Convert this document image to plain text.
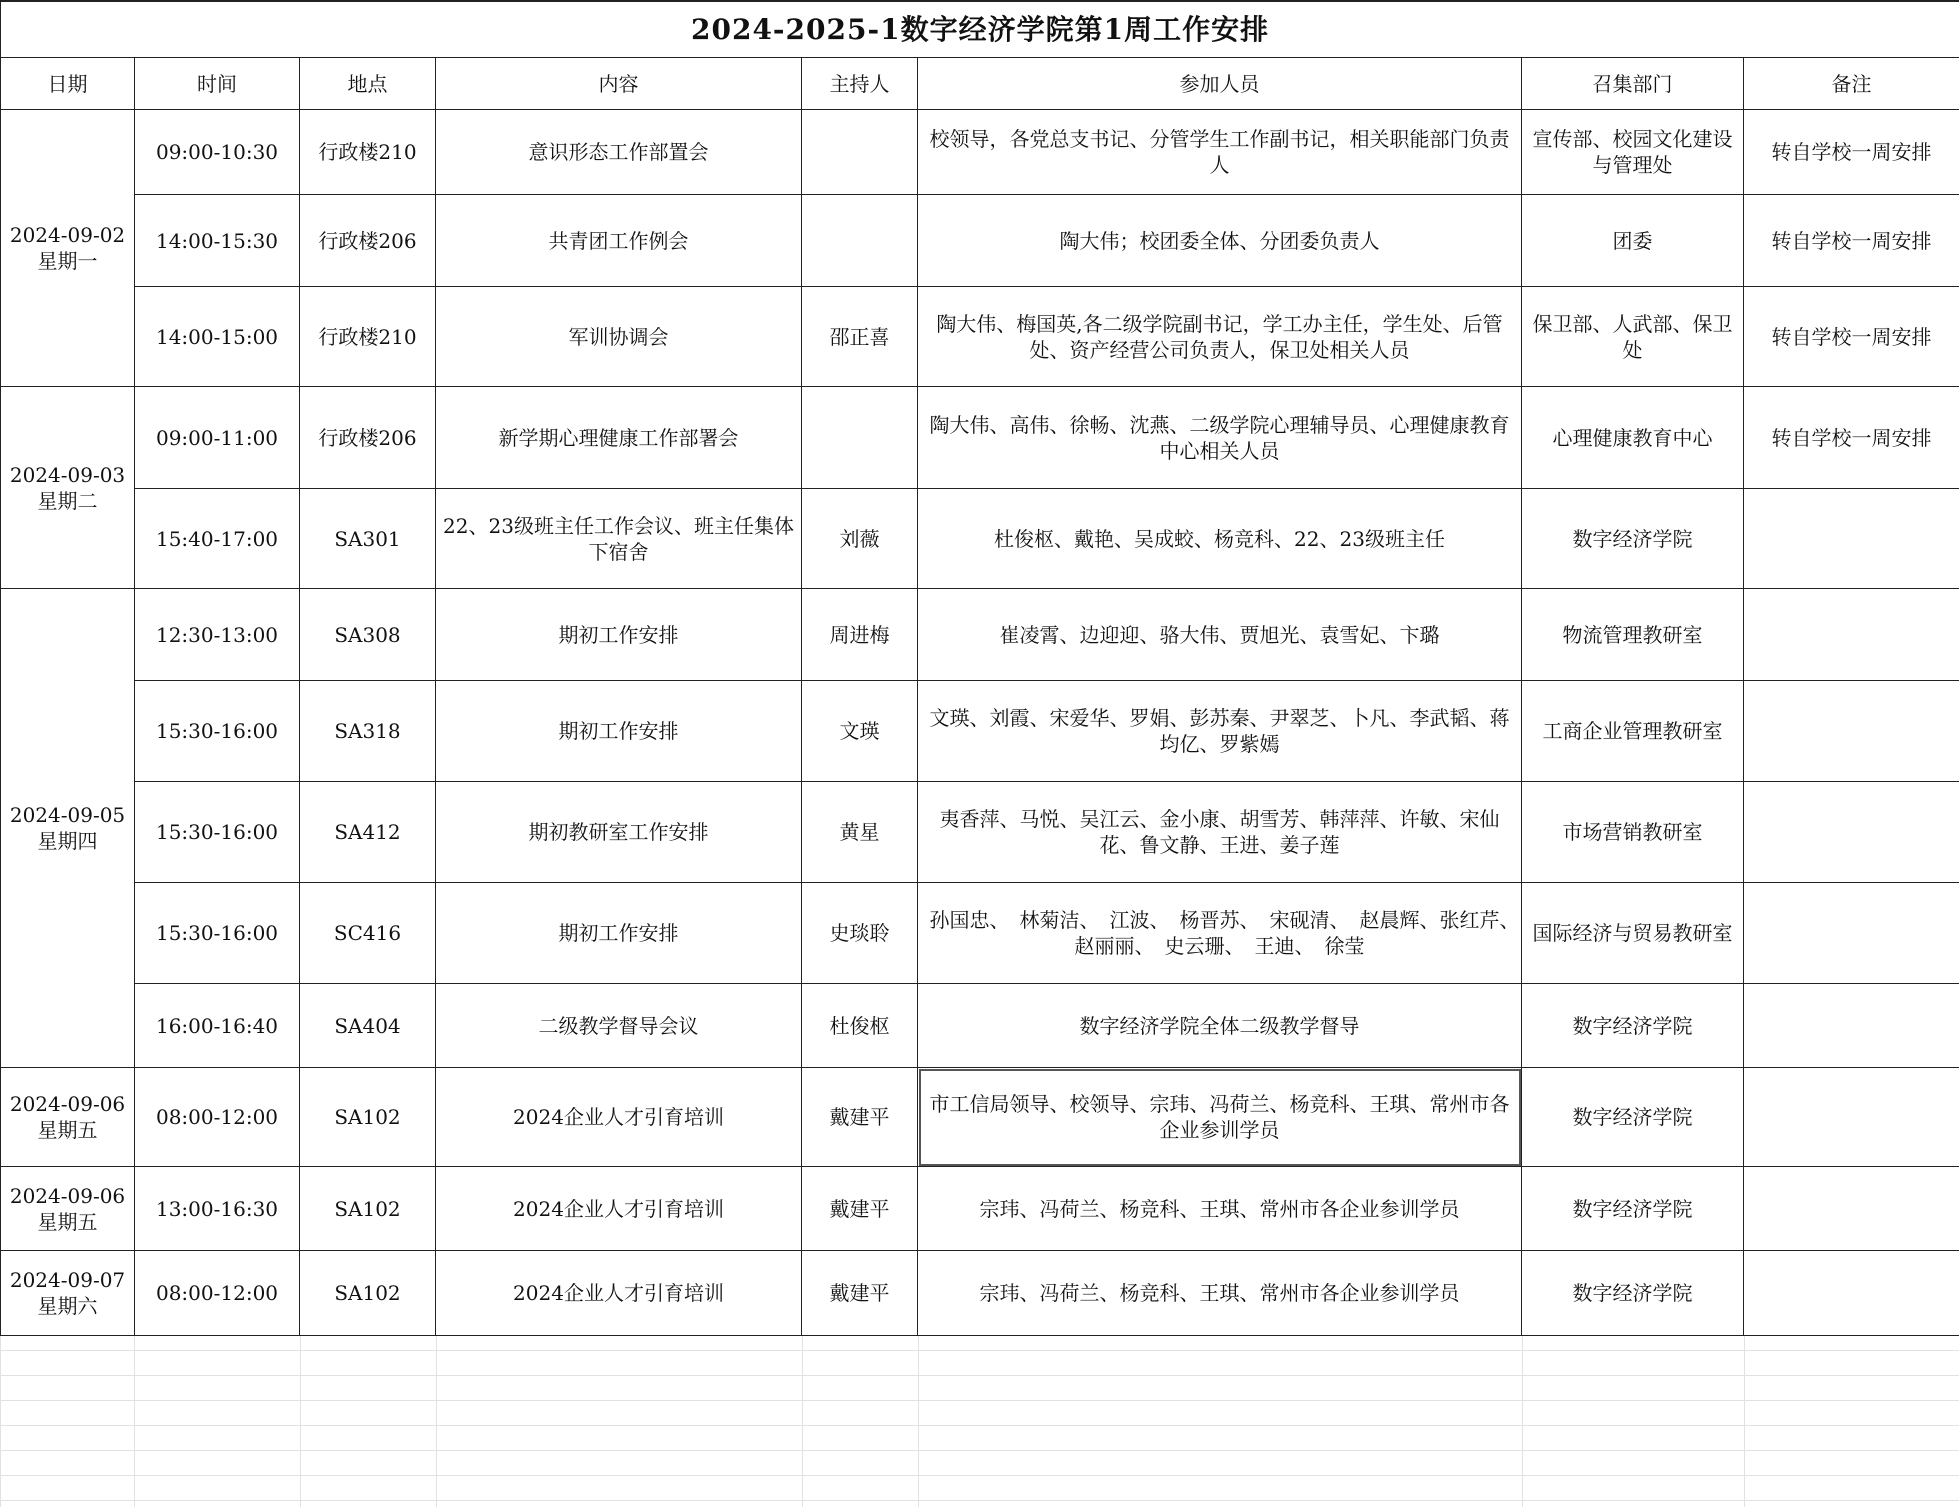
2024-2025-1数字经济学院第1周工作安排							
日期	时间	地点	内容	主持人	参加人员	召集部门	备注

2024-09-02
星期一	09:00-10:30	行政楼210	意识形态工作部置会		校领导，各党总支书记、分管学生工作副书记，相关职能部门负责人	宣传部、校园文化建设与管理处	转自学校一周安排
	14:00-15:30	行政楼206	共青团工作例会		陶大伟；校团委全体、分团委负责人	团委	转自学校一周安排
	14:00-15:00	行政楼210	军训协调会	邵正喜	陶大伟、梅国英,各二级学院副书记，学工办主任，学生处、后管处、资产经营公司负责人，保卫处相关人员	保卫部、人武部、保卫处	转自学校一周安排

2024-09-03
星期二	09:00-11:00	行政楼206	新学期心理健康工作部署会		陶大伟、高伟、徐畅、沈燕、二级学院心理辅导员、心理健康教育中心相关人员	心理健康教育中心	转自学校一周安排
	15:40-17:00	SA301	22、23级班主任工作会议、班主任集体下宿舍	刘薇	杜俊枢、戴艳、吴成蛟、杨竞科、22、23级班主任	数字经济学院	

2024-09-05
星期四	12:30-13:00	SA308	期初工作安排	周进梅	崔凌霄、边迎迎、骆大伟、贾旭光、袁雪妃、卞璐	物流管理教研室	
	15:30-16:00	SA318	期初工作安排	文瑛	文瑛、刘霞、宋爱华、罗娟、彭苏秦、尹翠芝、卜凡、李武韬、蒋均亿、罗紫嫣	工商企业管理教研室	
	15:30-16:00	SA412	期初教研室工作安排	黄星	夷香萍、马悦、吴江云、金小康、胡雪芳、韩萍萍、许敏、宋仙花、鲁文静、王进、姜子莲	市场营销教研室	
	15:30-16:00	SC416	期初工作安排	史琰聆	孙国忠、　林菊洁、　江波、　杨晋苏、　宋砚清、　赵晨辉、张红芹、　赵丽丽、　史云珊、　王迪、　徐莹	国际经济与贸易教研室	
	16:00-16:40	SA404	二级教学督导会议	杜俊枢	数字经济学院全体二级教学督导	数字经济学院	

2024-09-06
星期五	08:00-12:00	SA102	2024企业人才引育培训	戴建平	市工信局领导、校领导、宗玮、冯荷兰、杨竞科、王琪、常州市各企业参训学员	数字经济学院	

2024-09-06
星期五	13:00-16:30	SA102	2024企业人才引育培训	戴建平	宗玮、冯荷兰、杨竞科、王琪、常州市各企业参训学员	数字经济学院	

2024-09-07
星期六	08:00-12:00	SA102	2024企业人才引育培训	戴建平	宗玮、冯荷兰、杨竞科、王琪、常州市各企业参训学员	数字经济学院	
